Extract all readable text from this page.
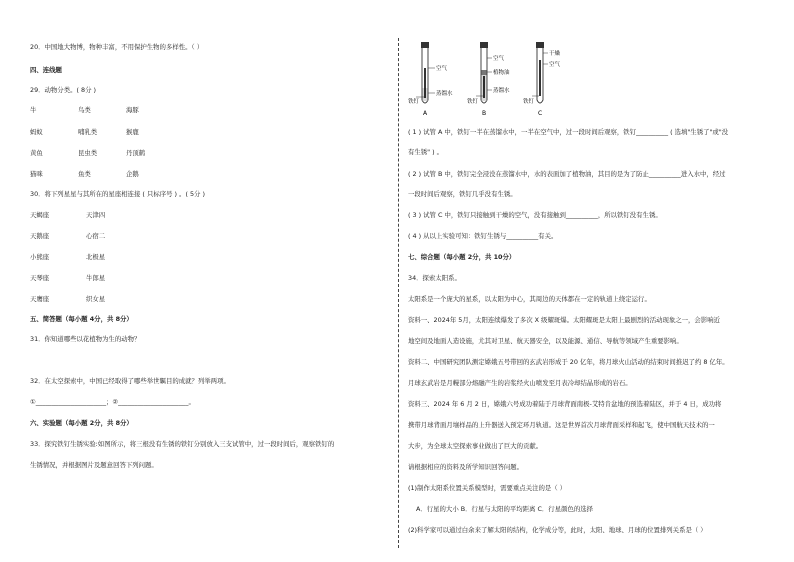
20．中国地大物博，物种丰富，不用保护生物的多样性。（ ）
四、连线题
29．动物分类。( 8分 )
牛	鸟类	海豚
蚂蚁	哺乳类	猴鹿
黄鱼	昆虫类	丹顶鹤
猫咪	鱼类	企鹅
30．将下列星星与其所在的星座相连接 ( 只标序号 ) 。( 5分 )
天蝎座	天津四
天鹅座	心宿二
小熊座	北极星
天琴座	牛郎星
天鹰座	织女星
五、简答题（每小题 4分，共 8分）
31．你知道哪些以花植物为生的动物？
32．在太空探索中，中国已经取得了哪些举世瞩目的成就？列举两项。
①______________________；②______________________。
六、实验题（每小题 2分，共 8分）
33．探究铁钉生锈实验:如图所示，将三根没有生锈的铁钉分别放入三支试管中，过一段时间后，观察铁钉的
生锈情况，并根据图片及题意回答下列问题。
空气
蒸馏水
铁钉
A
空气
植物油
蒸馏水
铁钉
B
干燥
空气
铁钉
C
( 1 ) 试管 A 中，铁钉一半在蒸馏水中，一半在空气中，过一段时间后观察，铁钉__________ ( 选填"生锈了"或"没
有生锈" ) 。
( 2 ) 试管 B 中，铁钉完全浸没在蒸馏水中，水的表面加了植物油，其目的是为了防止__________进入水中，经过
一段时间后观察，铁钉几乎没有生锈。
( 3 ) 试管 C 中，铁钉只接触到干燥的空气，没有接触到__________，所以铁钉没有生锈。
( 4 ) 从以上实验可知：铁钉生锈与__________有关。
七、综合题（每小题 2分，共 10分）
34．探索太阳系。
太阳系是一个庞大的星系，以太阳为中心，其周边的天体都在一定的轨道上绕定运行。
资料一、2024年 5月，太阳连续爆发了多次 X 级耀斑爆。太阳耀斑是太阳上最剧烈的活动现象之一，会影响近
地空间及地面人造设施，尤其对卫星、航天器安全，以及能源、通信、导航等领域产生重要影响。
资料二、中国研究团队测定嫦娥五号带回的玄武岩形成于 20 亿年，将月球火山活动的结束时间推迟了约 8 亿年。
月球玄武岩是月幔部分熔融产生的岩浆经火山喷发至月表冷却结晶形成的岩石。
资料三、2024 年 6 月 2 日，嫦娥六号成功着陆于月球背面南极-艾特肯盆地的预选着陆区，并于 4 日，成功将
携带月球背面月壤样品的上升器送入预定环月轨道。这是世界首次月球背面采样和起飞，使中国航天技术的一
大步，为全球太空探索事业做出了巨大的贡献。
请根据相应的资料及所学知识回答问题。
(1)制作太阳系位置关系模型时，需要重点关注的是（ ）
A．行星的大小 B．行星与太阳的平均距离 C．行星颜色的选择
(2)科学家可以通过白余来了解太阳的结构，化学成分等，此时，太阳、地球、月球的位置排列关系是（ ）
